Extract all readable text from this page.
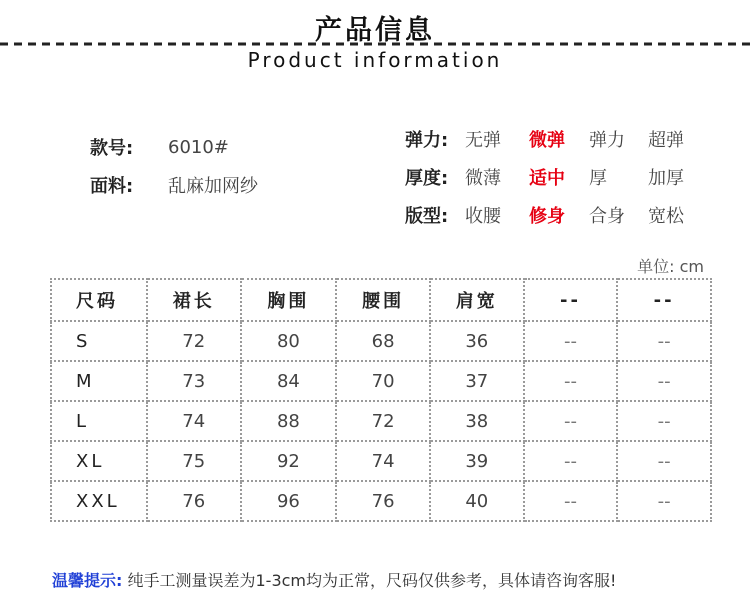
产品信息
Product information
款号:	6010#
面料:	乱麻加网纱
弹力: 无弹 微弹 弹力 超弹
厚度: 微薄 适中 厚 加厚
版型: 收腰 修身 合身 宽松
单位: cm
尺码	裙长	胸围	腰围	肩宽	--	--
S	72	80	68	36	--	--
M	73	84	70	37	--	--
L	74	88	72	38	--	--
XL	75	92	74	39	--	--
XXL	76	96	76	40	--	--
温馨提示: 纯手工测量误差为1-3cm均为正常，尺码仅供参考，具体请咨询客服!
